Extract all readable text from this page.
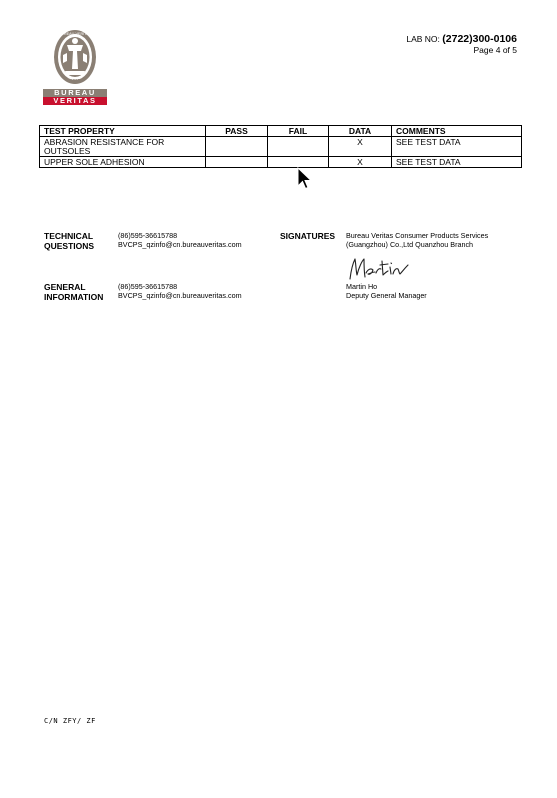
1828
BUREAU VERITAS
BUREAU
VERITAS
LAB NO: (2722)300-0106
Page 4 of 5
TEST PROPERTY	PASS	FAIL	DATA	COMMENTS

ABRASION RESISTANCE FOR
OUTSOLES			X	SEE TEST DATA

UPPER SOLE ADHESION			X	SEE TEST DATA
TECHNICAL
QUESTIONS
(86)595-36615788
BVCPS_qzinfo@cn.bureauveritas.com
GENERAL
INFORMATION
(86)595-36615788
BVCPS_qzinfo@cn.bureauveritas.com
SIGNATURES Bureau Veritas Consumer Products Services
(Guangzhou) Co.,Ltd Quanzhou Branch
Martin Ho
Deputy General Manager
C/N ZFY/ ZF
